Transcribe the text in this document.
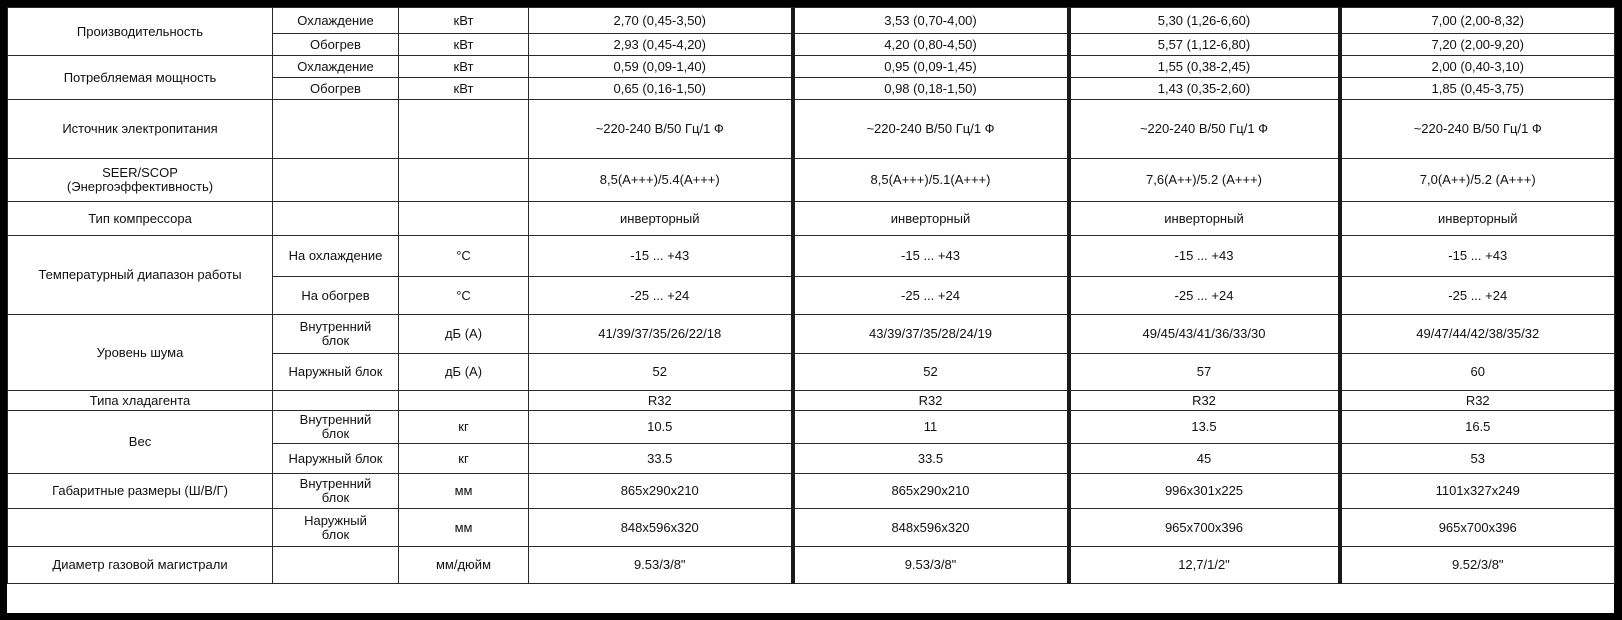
Производительность	Охлаждение	кВт	2,70 (0,45-3,50)	3,53 (0,70-4,00)	5,30 (1,26-6,60)	7,00 (2,00-8,32)
	Обогрев	кВт	2,93 (0,45-4,20)	4,20 (0,80-4,50)	5,57 (1,12-6,80)	7,20 (2,00-9,20)
Потребляемая мощность	Охлаждение	кВт	0,59 (0,09-1,40)	0,95 (0,09-1,45)	1,55 (0,38-2,45)	2,00 (0,40-3,10)
	Обогрев	кВт	0,65 (0,16-1,50)	0,98 (0,18-1,50)	1,43 (0,35-2,60)	1,85 (0,45-3,75)
Источник электропитания			~220-240 В/50 Гц/1 Ф	~220-240 В/50 Гц/1 Ф	~220-240 В/50 Гц/1 Ф	~220-240 В/50 Гц/1 Ф
SEER/SCOP
(Энергоэффективность)			8,5(А+++)/5.4(А+++)	8,5(А+++)/5.1(А+++)	7,6(А++)/5.2 (А+++)	7,0(А++)/5.2 (А+++)
Тип компрессора			инверторный	инверторный	инверторный	инверторный
Температурный диапазон работы	На охлаждение	°C	-15 ... +43	-15 ... +43	-15 ... +43	-15 ... +43
	На обогрев	°C	-25 ... +24	-25 ... +24	-25 ... +24	-25 ... +24
Уровень шума	Внутренний
блок	дБ (А)	41/39/37/35/26/22/18	43/39/37/35/28/24/19	49/45/43/41/36/33/30	49/47/44/42/38/35/32
	Наружный блок	дБ (А)	52	52	57	60
Типа хладагента			R32	R32	R32	R32
Вес	Внутренний
блок	кг	10.5	11	13.5	16.5
	Наружный блок	кг	33.5	33.5	45	53
Габаритные размеры (Ш/В/Г)	Внутренний
блок	мм	865x290x210	865x290x210	996x301x225	1101x327x249
	Наружный
блок	мм	848x596x320	848x596x320	965x700x396	965x700x396
Диаметр газовой магистрали		мм/дюйм	9.53/3/8"	9.53/3/8"	12,7/1/2"	9.52/3/8"
